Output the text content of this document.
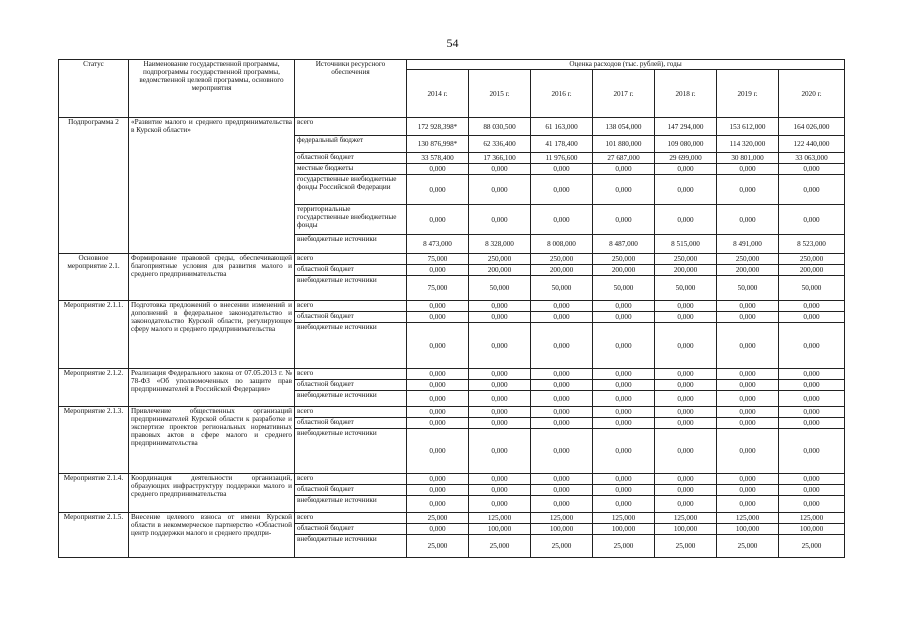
54
Статус	Наименование государственной программы, подпрограммы государственной программы, ведомственной целевой программы, основного мероприятия	Источники ресурсного обеспечения	Оценка расходов (тыс. рублей), годы						
			2014 г.	2015 г.	2016 г.	2017 г.	2018 г.	2019 г.	2020 г.
Подпрограмма 2	«Развитие малого и среднего предпринимательства в Курской области»	всего	172 928,398*	88 030,500	61 163,000	138 054,000	147 294,000	153 612,000	164 026,000
		федеральный бюджет	130 876,998*	62 336,400	41 178,400	101 880,000	109 080,000	114 320,000	122 440,000
		областной бюджет	33 578,400	17 366,100	11 976,600	27 687,000	29 699,000	30 801,000	33 063,000
		местные бюджеты	0,000	0,000	0,000	0,000	0,000	0,000	0,000
		государственные внебюджетные фонды Российской Федерации	0,000	0,000	0,000	0,000	0,000	0,000	0,000
		территориальные государственные внебюджетные фонды	0,000	0,000	0,000	0,000	0,000	0,000	0,000
		внебюджетные источники	8 473,000	8 328,000	8 008,000	8 487,000	8 515,000	8 491,000	8 523,000
Основное мероприятие 2.1.	Формирование правовой среды, обеспечивающей благоприятные условия для развития малого и среднего предпринимательства	всего	75,000	250,000	250,000	250,000	250,000	250,000	250,000
		областной бюджет	0,000	200,000	200,000	200,000	200,000	200,000	200,000
		внебюджетные источники	75,000	50,000	50,000	50,000	50,000	50,000	50,000
Мероприятие 2.1.1.	Подготовка предложений о внесении изменений и дополнений в федеральное законодательство и законодательство Курской области, регулирующее сферу малого и среднего предпринимательства	всего	0,000	0,000	0,000	0,000	0,000	0,000	0,000
		областной бюджет	0,000	0,000	0,000	0,000	0,000	0,000	0,000
		внебюджетные источники	0,000	0,000	0,000	0,000	0,000	0,000	0,000
Мероприятие 2.1.2.	Реализация Федерального закона от 07.05.2013 г. № 78-ФЗ «Об уполномоченных по защите прав предпринимателей в Российской Федерации»	всего	0,000	0,000	0,000	0,000	0,000	0,000	0,000
		областной бюджет	0,000	0,000	0,000	0,000	0,000	0,000	0,000
		внебюджетные источники	0,000	0,000	0,000	0,000	0,000	0,000	0,000
Мероприятие 2.1.3.	Привлечение общественных организаций предпринимателей Курской области к разработке и экспертизе проектов региональных нормативных правовых актов в сфере малого и среднего предпринимательства	всего	0,000	0,000	0,000	0,000	0,000	0,000	0,000
		областной бюджет	0,000	0,000	0,000	0,000	0,000	0,000	0,000
		внебюджетные источники	0,000	0,000	0,000	0,000	0,000	0,000	0,000
Мероприятие 2.1.4.	Координация деятельности организаций, образующих инфраструктуру поддержки малого и среднего предпринимательства	всего	0,000	0,000	0,000	0,000	0,000	0,000	0,000
		областной бюджет	0,000	0,000	0,000	0,000	0,000	0,000	0,000
		внебюджетные источники	0,000	0,000	0,000	0,000	0,000	0,000	0,000
Мероприятие 2.1.5.	Внесение целевого взноса от имени Курской области в некоммерческое партнерство «Областной центр поддержки малого и среднего предпри-	всего	25,000	125,000	125,000	125,000	125,000	125,000	125,000
		областной бюджет	0,000	100,000	100,000	100,000	100,000	100,000	100,000
		внебюджетные источники	25,000	25,000	25,000	25,000	25,000	25,000	25,000
